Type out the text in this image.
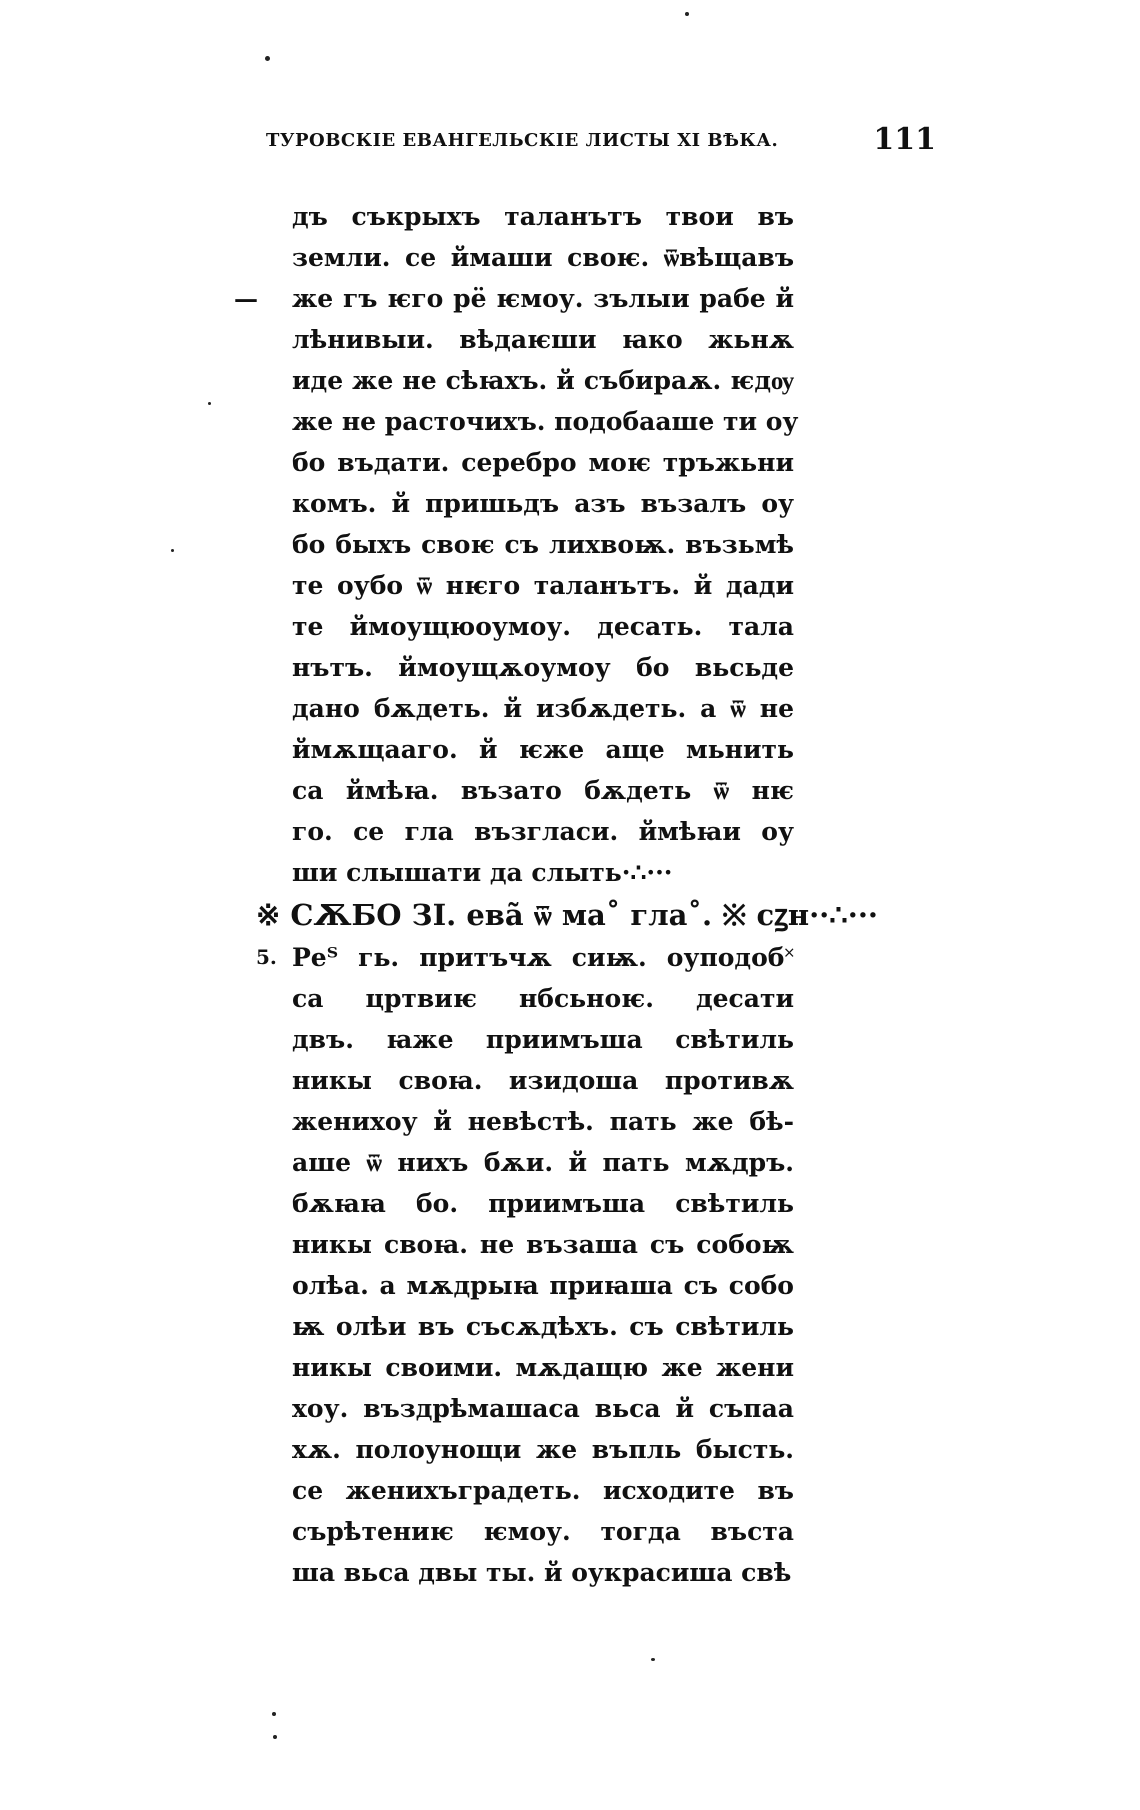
ТУРОВСКІЕ ЕВАНГЕЛЬСКІЕ ЛИСТЫ XI ВѢКА.	111
дъ съкрыхъ таланътъ твои въ
земли. се ймаши своѥ. ѿвѣщавъ
же гъ ѥго рё ѥмоу. зълыи рабе й
—
лѣнивыи. вѣдаѥши ꙗко жьнѫ
иде же не сѣꙗхъ. й събираѫ. ѥдѹ
же не расточихъ. подобааше ти оу
бо въдати. серебро моѥ тръжьни
комъ. й пришьдъ азъ възалъ оу
бо быхъ своѥ съ лихвоѭ. възьмѣ
те оубо ѿ нѥго таланътъ. й дади
те ймоущюоумоу. десать. тала
нътъ. ймоущѫоумоу бо вьсьде
дано бѫдеть. й избѫдеть. а ѿ не
ймѫщааго. й ѥже аще мьнить
са ймѣꙗ. възато бѫдеть ѿ нѥ
го. се гла възгласи. ймѣꙗи оу
ши слышати да слыть·∴···
※ СѪБО ЗІ. евã ѿ ма˚ гла˚. ※ сꙁн··∴···
Реᵀ гь. притъчѫ сиѭ. оуподоб˟
5.
са цртвиѥ нбсьноѥ. десати
двъ. ꙗже приимъша свѣтиль
никы своꙗ. изидоша противѫ
женихоу й невѣстѣ. пать же бѣ-
аше ѿ нихъ бѫи. й пать мѫдръ.
бѫꙗꙗ бо. приимъша свѣтиль
никы своꙗ. не възаша съ собоѭ
олѣа. а мѫдрыꙗ приꙗша съ собо
ѭ олѣи въ съсѫдѣхъ. съ свѣтиль
никы своими. мѫдащю же жени
хоу. въздрѣмашаса вьса й съпаа
хѫ. полоунощи же въпль бысть.
се женихъградеть. исходите въ
сърѣтениѥ ѥмоу. тогда въста
ша вьса двы ты. й оукрасиша свѣ
